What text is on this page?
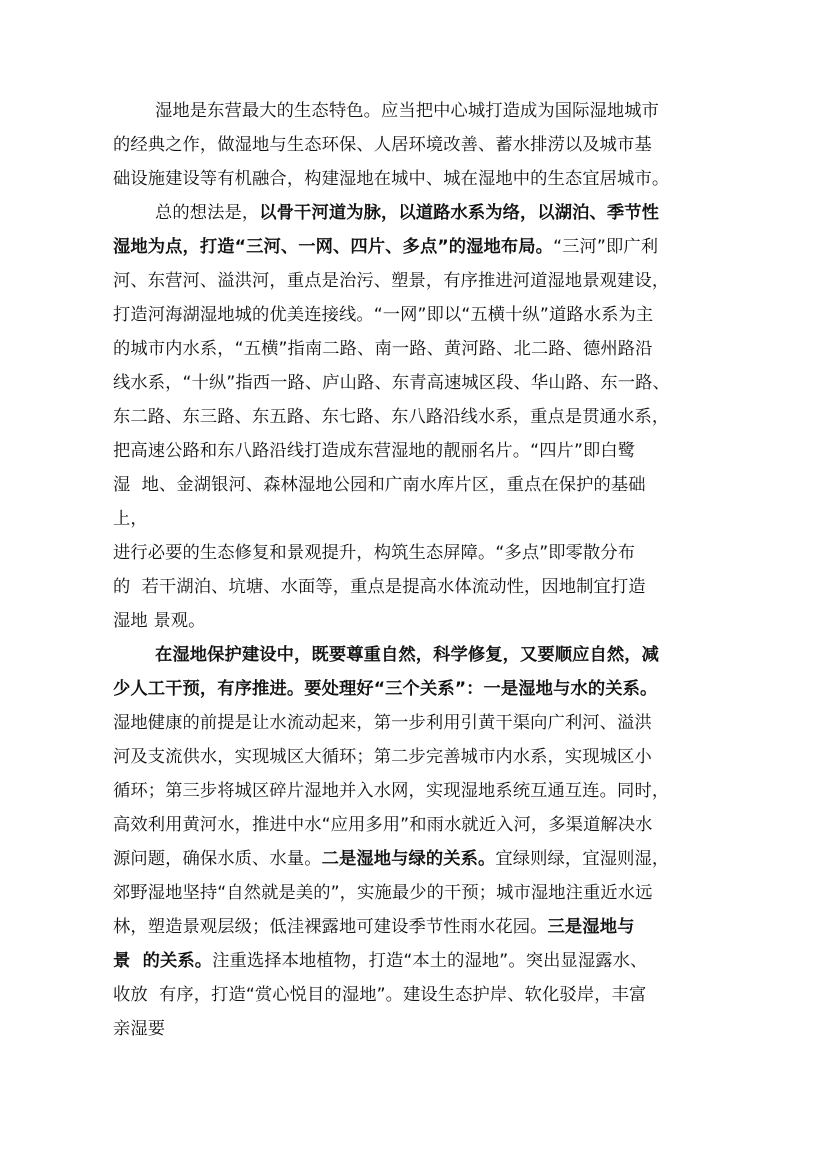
湿地是东营最大的生态特色。应当把中心城打造成为国际湿地城市
的经典之作，做湿地与生态环保、人居环境改善、蓄水排涝以及城市基
础设施建设等有机融合，构建湿地在城中、城在湿地中的生态宜居城市。
总的想法是，以骨干河道为脉，以道路水系为络，以湖泊、季节性
湿地为点，打造“三河、一网、四片、多点”的湿地布局。“三河”即广利
河、东营河、溢洪河，重点是治污、塑景，有序推进河道湿地景观建设，
打造河海湖湿地城的优美连接线。“一网”即以“五横十纵”道路水系为主
的城市内水系，“五横”指南二路、南一路、黄河路、北二路、德州路沿
线水系，“十纵”指西一路、庐山路、东青高速城区段、华山路、东一路、
东二路、东三路、东五路、东七路、东八路沿线水系，重点是贯通水系，
把高速公路和东八路沿线打造成东营湿地的靓丽名片。“四片”即白鹭
湿  地、金湖银河、森林湿地公园和广南水库片区，重点在保护的基础
上，
进行必要的生态修复和景观提升，构筑生态屏障。“多点”即零散分布
的  若干湖泊、坑塘、水面等，重点是提高水体流动性，因地制宜打造
湿地 景观。
在湿地保护建设中，既要尊重自然，科学修复，又要顺应自然，减
少人工干预，有序推进。要处理好“三个关系”：一是湿地与水的关系。
湿地健康的前提是让水流动起来，第一步利用引黄干渠向广利河、溢洪
河及支流供水，实现城区大循环；第二步完善城市内水系，实现城区小
循环；第三步将城区碎片湿地并入水网，实现湿地系统互通互连。同时，
高效利用黄河水，推进中水“应用多用”和雨水就近入河，多渠道解决水
源问题，确保水质、水量。二是湿地与绿的关系。宜绿则绿，宜湿则湿，
郊野湿地坚持“自然就是美的”，实施最少的干预；城市湿地注重近水远
林，塑造景观层级；低洼裸露地可建设季节性雨水花园。三是湿地与
景  的关系。注重选择本地植物，打造“本土的湿地”。突出显湿露水、
收放  有序，打造“赏心悦目的湿地”。建设生态护岸、软化驳岸，丰富
亲湿要
